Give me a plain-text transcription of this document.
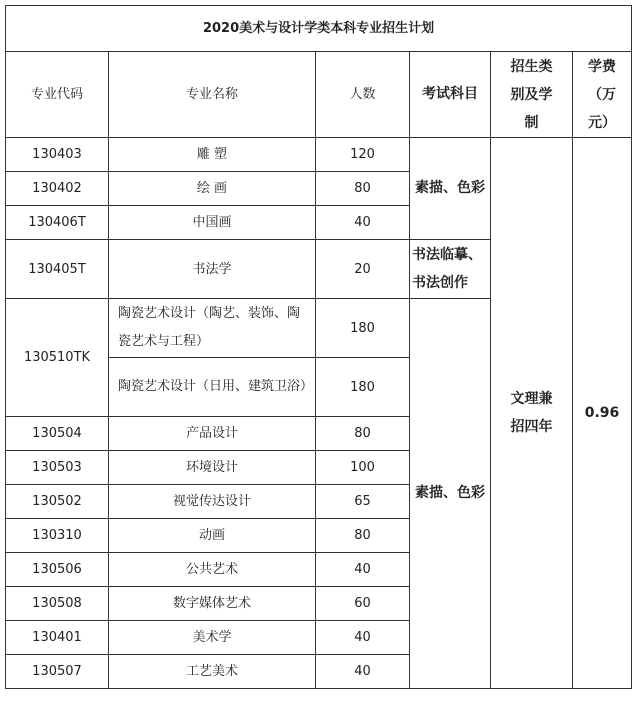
2020美术与设计学类本科专业招生计划					
专业代码	专业名称	人数	考试科目	招生类别及学制	学费（万元）
130403	雕 塑	120	素描、色彩	文理兼招四年	0.96
130402	绘 画	80			
130406T	中国画	40			
130405T	书法学	20	书法临摹、书法创作		
130510TK	陶瓷艺术设计（陶艺、装饰、陶瓷艺术与工程）	180	素描、色彩		
	陶瓷艺术设计（日用、建筑卫浴）	180			
130504	产品设计	80			
130503	环境设计	100			
130502	视觉传达设计	65			
130310	动画	80			
130506	公共艺术	40			
130508	数字媒体艺术	60			
130401	美术学	40			
130507	工艺美术	40			
